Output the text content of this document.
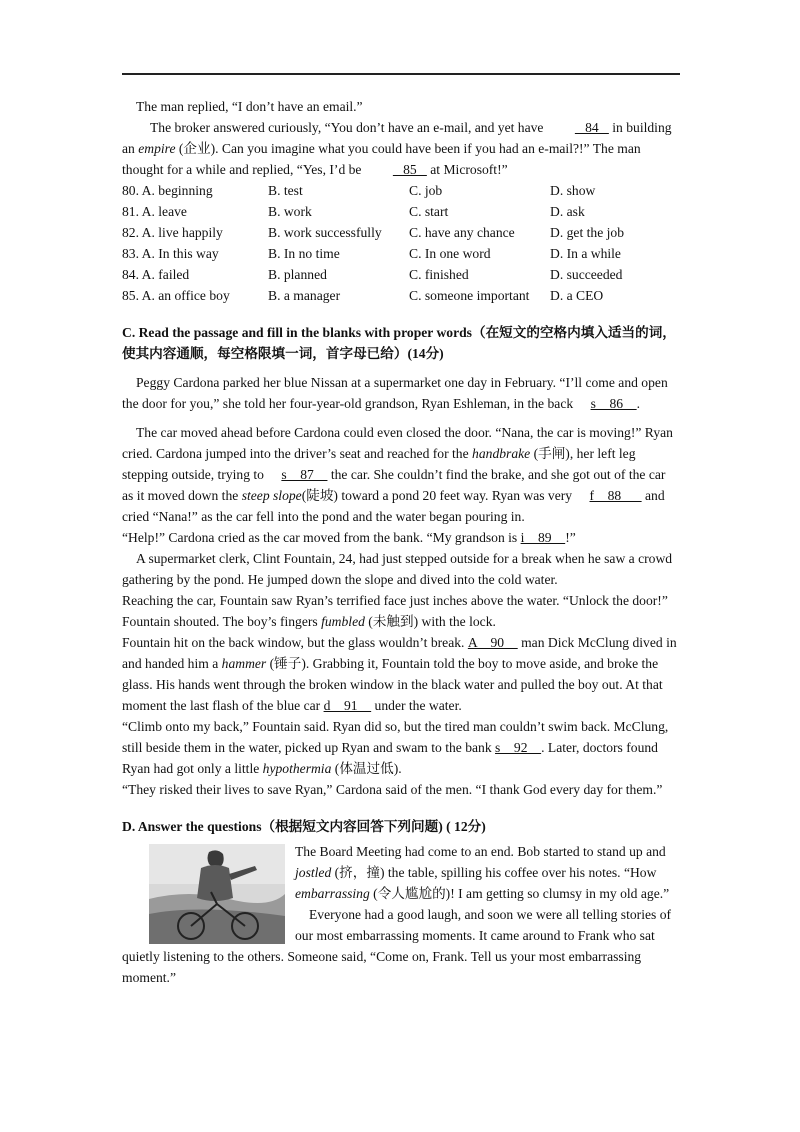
The man replied, “I don’t have an email.”

The broker answered curiously, “You don’t have an e-mail, and yet have    84    in building an empire (企业). Can you imagine what you could have been if you had an e-mail?!” The man thought for a while and replied, “Yes, I’d be    85    at Microsoft!”

80. A. beginning	B. test	C. job	D. show
81. A. leave	B. work	C. start	D. ask
82. A. live happily	B. work successfully	C. have any chance	D. get the job
83. A. In this way	B. In no time	C. In one word	D. In a while
84. A. failed	B. planned	C. finished	D. succeeded
85. A. an office boy	B. a manager	C. someone important	D. a CEO

C. Read the passage and fill in the blanks with proper words（在短文的空格内填入适当的词，使其内容通顺，每空格限填一词，首字母已给）(14分)

Peggy Cardona parked her blue Nissan at a supermarket one day in February. “I’ll come and open the door for you,” she told her four-year-old grandson, Ryan Eshleman, in the back s    86    .

The car moved ahead before Cardona could even closed the door. “Nana, the car is moving!” Ryan cried. Cardona jumped into the driver’s seat and reached for the handbrake (手闸), her left leg stepping outside, trying to s    87     the car. She couldn’t find the brake, and she got out of the car as it moved down the steep slope(陡坡) toward a pond 20 feet way. Ryan was very f    88       and cried “Nana!” as the car fell into the pond and the water began pouring in.

“Help!” Cardona cried as the car moved from the bank. “My grandson is i    89    !”

A supermarket clerk, Clint Fountain, 24, had just stepped outside for a break when he saw a crowd gathering by the pond. He jumped down the slope and dived into the cold water.

Reaching the car, Fountain saw Ryan’s terrified face just inches above the water. “Unlock the door!” Fountain shouted. The boy’s fingers fumbled (未触到) with the lock.

Fountain hit on the back window, but the glass wouldn’t break. A    90     man Dick McClung dived in and handed him a hammer (锤子). Grabbing it, Fountain told the boy to move aside, and broke the glass. His hands went through the broken window in the black water and pulled the boy out. At that moment the last flash of the blue car d    91     under the water.

“Climb onto my back,” Fountain said. Ryan did so, but the tired man couldn’t swim back. McClung, still beside them in the water, picked up Ryan and swam to the bank s    92    . Later, doctors found Ryan had got only a little hypothermia (体温过低).

“They risked their lives to save Ryan,” Cardona said of the men. “I thank God every day for them.”

D. Answer the questions（根据短文内容回答下列问题) ( 12分)

The Board Meeting had come to an end. Bob started to stand up and jostled (挤，撞) the table, spilling his coffee over his notes. “How embarrassing (令人尴尬的)! I am getting so clumsy in my old age.”

Everyone had a good laugh, and soon we were all telling stories of our most embarrassing moments. It came around to Frank who sat quietly listening to the others. Someone said, “Come on, Frank. Tell us your most embarrassing moment.”
